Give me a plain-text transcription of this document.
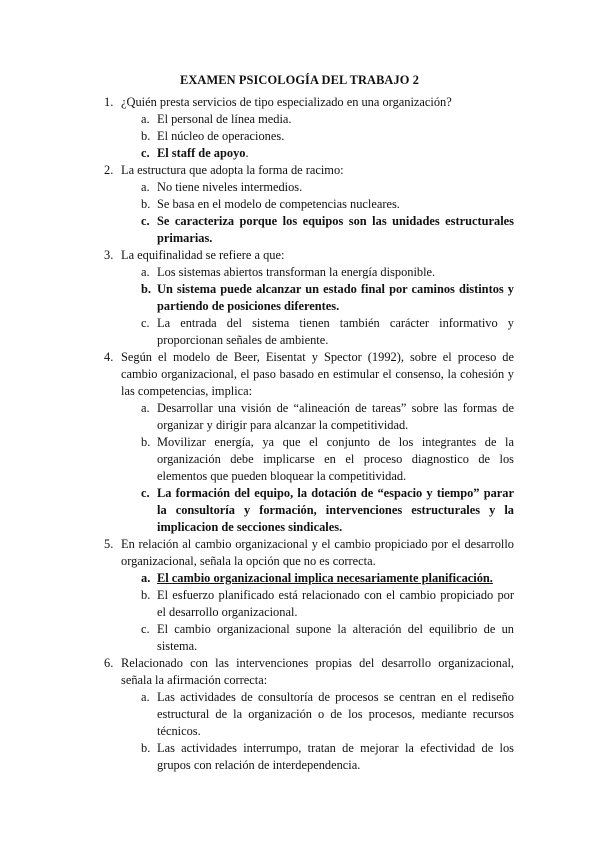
EXAMEN PSICOLOGÍA DEL TRABAJO 2
1. ¿Quién presta servicios de tipo especializado en una organización?
a. El personal de línea media.
b. El núcleo de operaciones.
c. El staff de apoyo.
2. La estructura que adopta la forma de racimo:
a. No tiene niveles intermedios.
b. Se basa en el modelo de competencias nucleares.
c. Se caracteriza porque los equipos son las unidades estructurales primarias.
3. La equifinalidad se refiere a que:
a. Los sistemas abiertos transforman la energía disponible.
b. Un sistema puede alcanzar un estado final por caminos distintos y partiendo de posiciones diferentes.
c. La entrada del sistema tienen también carácter informativo y proporcionan señales de ambiente.
4. Según el modelo de Beer, Eisentat y Spector (1992), sobre el proceso de cambio organizacional, el paso basado en estimular el consenso, la cohesión y las competencias, implica:
a. Desarrollar una visión de “alineación de tareas” sobre las formas de organizar y dirigir para alcanzar la competitividad.
b. Movilizar energía, ya que el conjunto de los integrantes de la organización debe implicarse en el proceso diagnostico de los elementos que pueden bloquear la competitividad.
c. La formación del equipo, la dotación de “espacio y tiempo” parar la consultoría y formación, intervenciones estructurales y la implicacion de secciones sindicales.
5. En relación al cambio organizacional y el cambio propiciado por el desarrollo organizacional, señala la opción que no es correcta.
a. El cambio organizacional implica necesariamente planificación.
b. El esfuerzo planificado está relacionado con el cambio propiciado por el desarrollo organizacional.
c. El cambio organizacional supone la alteración del equilibrio de un sistema.
6. Relacionado con las intervenciones propias del desarrollo organizacional, señala la afirmación correcta:
a. Las actividades de consultoría de procesos se centran en el rediseño estructural de la organización o de los procesos, mediante recursos técnicos.
b. Las actividades interrumpo, tratan de mejorar la efectividad de los grupos con relación de interdependencia.
